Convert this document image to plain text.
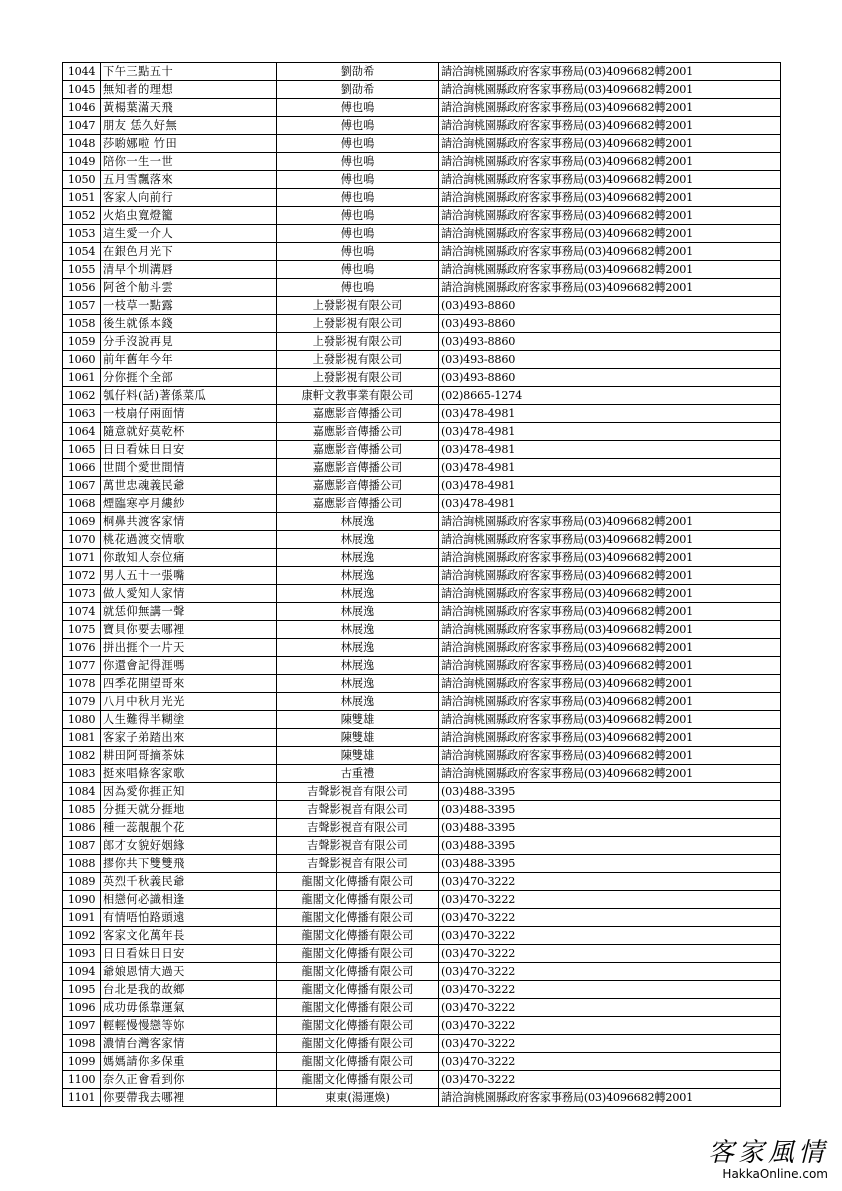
1044	下午三點五十	劉劭希	請洽詢桃園縣政府客家事務局(03)4096682轉2001
1045	無知者的理想	劉劭希	請洽詢桃園縣政府客家事務局(03)4096682轉2001
1046	黃楊葉滿天飛	傅也鳴	請洽詢桃園縣政府客家事務局(03)4096682轉2001
1047	朋友 恁久好無	傅也鳴	請洽詢桃園縣政府客家事務局(03)4096682轉2001
1048	莎喲娜啦 竹田	傅也鳴	請洽詢桃園縣政府客家事務局(03)4096682轉2001
1049	陪你一生一世	傅也鳴	請洽詢桃園縣政府客家事務局(03)4096682轉2001
1050	五月雪飄落來	傅也鳴	請洽詢桃園縣政府客家事務局(03)4096682轉2001
1051	客家人向前行	傅也鳴	請洽詢桃園縣政府客家事務局(03)4096682轉2001
1052	火焰虫寬燈籠	傅也鳴	請洽詢桃園縣政府客家事務局(03)4096682轉2001
1053	這生愛一介人	傅也鳴	請洽詢桃園縣政府客家事務局(03)4096682轉2001
1054	在銀色月光下	傅也鳴	請洽詢桃園縣政府客家事務局(03)4096682轉2001
1055	清早个圳溝唇	傅也鳴	請洽詢桃園縣政府客家事務局(03)4096682轉2001
1056	阿爸个觔斗雲	傅也鳴	請洽詢桃園縣政府客家事務局(03)4096682轉2001
1057	一枝草一點露	上發影視有限公司	(03)493-8860
1058	後生就係本錢	上發影視有限公司	(03)493-8860
1059	分手沒說再見	上發影視有限公司	(03)493-8860
1060	前年舊年今年	上發影視有限公司	(03)493-8860
1061	分你捱个全部	上發影視有限公司	(03)493-8860
1062	瓠仔料(話)著係菜瓜	康軒文教事業有限公司	(02)8665-1274
1063	一枝扇仔兩面情	嘉應影音傳播公司	(03)478-4981
1064	隨意就好莫乾杯	嘉應影音傳播公司	(03)478-4981
1065	日日看妹日日安	嘉應影音傳播公司	(03)478-4981
1066	世間个愛世間情	嘉應影音傳播公司	(03)478-4981
1067	萬世忠魂義民爺	嘉應影音傳播公司	(03)478-4981
1068	煙臨寒亭月縷紗	嘉應影音傳播公司	(03)478-4981
1069	桐鼻共渡客家情	林展逸	請洽詢桃園縣政府客家事務局(03)4096682轉2001
1070	桃花過渡交情歌	林展逸	請洽詢桃園縣政府客家事務局(03)4096682轉2001
1071	你敢知人奈位痛	林展逸	請洽詢桃園縣政府客家事務局(03)4096682轉2001
1072	男人五十一張嘴	林展逸	請洽詢桃園縣政府客家事務局(03)4096682轉2001
1073	做人愛知人家情	林展逸	請洽詢桃園縣政府客家事務局(03)4096682轉2001
1074	就恁仰無講一聲	林展逸	請洽詢桃園縣政府客家事務局(03)4096682轉2001
1075	寶貝你要去哪裡	林展逸	請洽詢桃園縣政府客家事務局(03)4096682轉2001
1076	拼出捱个一片天	林展逸	請洽詢桃園縣政府客家事務局(03)4096682轉2001
1077	你還會記得涯嗎	林展逸	請洽詢桃園縣政府客家事務局(03)4096682轉2001
1078	四季花開望哥來	林展逸	請洽詢桃園縣政府客家事務局(03)4096682轉2001
1079	八月中秋月光光	林展逸	請洽詢桃園縣政府客家事務局(03)4096682轉2001
1080	人生難得半糊塗	陳雙雄	請洽詢桃園縣政府客家事務局(03)4096682轉2001
1081	客家子弟踏出來	陳雙雄	請洽詢桃園縣政府客家事務局(03)4096682轉2001
1082	耕田阿哥摘茶妹	陳雙雄	請洽詢桃園縣政府客家事務局(03)4096682轉2001
1083	挺來唱條客家歌	古重禮	請洽詢桃園縣政府客家事務局(03)4096682轉2001
1084	因為愛你捱正知	吉聲影視音有限公司	(03)488-3395
1085	分捱天就分捱地	吉聲影視音有限公司	(03)488-3395
1086	種一蕊靚靚个花	吉聲影視音有限公司	(03)488-3395
1087	郎才女貌好姻緣	吉聲影視音有限公司	(03)488-3395
1088	摎你共下雙雙飛	吉聲影視音有限公司	(03)488-3395
1089	英烈千秋義民爺	龍閣文化傳播有限公司	(03)470-3222
1090	相戀何必識相逢	龍閣文化傳播有限公司	(03)470-3222
1091	有情唔怕路頭遠	龍閣文化傳播有限公司	(03)470-3222
1092	客家文化萬年長	龍閣文化傳播有限公司	(03)470-3222
1093	日日看妹日日安	龍閣文化傳播有限公司	(03)470-3222
1094	爺娘恩情大過天	龍閣文化傳播有限公司	(03)470-3222
1095	台北是我的故鄉	龍閣文化傳播有限公司	(03)470-3222
1096	成功毋係靠運氣	龍閣文化傳播有限公司	(03)470-3222
1097	輕輕慢慢戀等妳	龍閣文化傳播有限公司	(03)470-3222
1098	濃情台灣客家情	龍閣文化傳播有限公司	(03)470-3222
1099	媽媽請你多保重	龍閣文化傳播有限公司	(03)470-3222
1100	奈久正會看到你	龍閣文化傳播有限公司	(03)470-3222
1101	你要帶我去哪裡	東東(湯運煥)	請洽詢桃園縣政府客家事務局(03)4096682轉2001
客家風情
HakkaOnline.com
